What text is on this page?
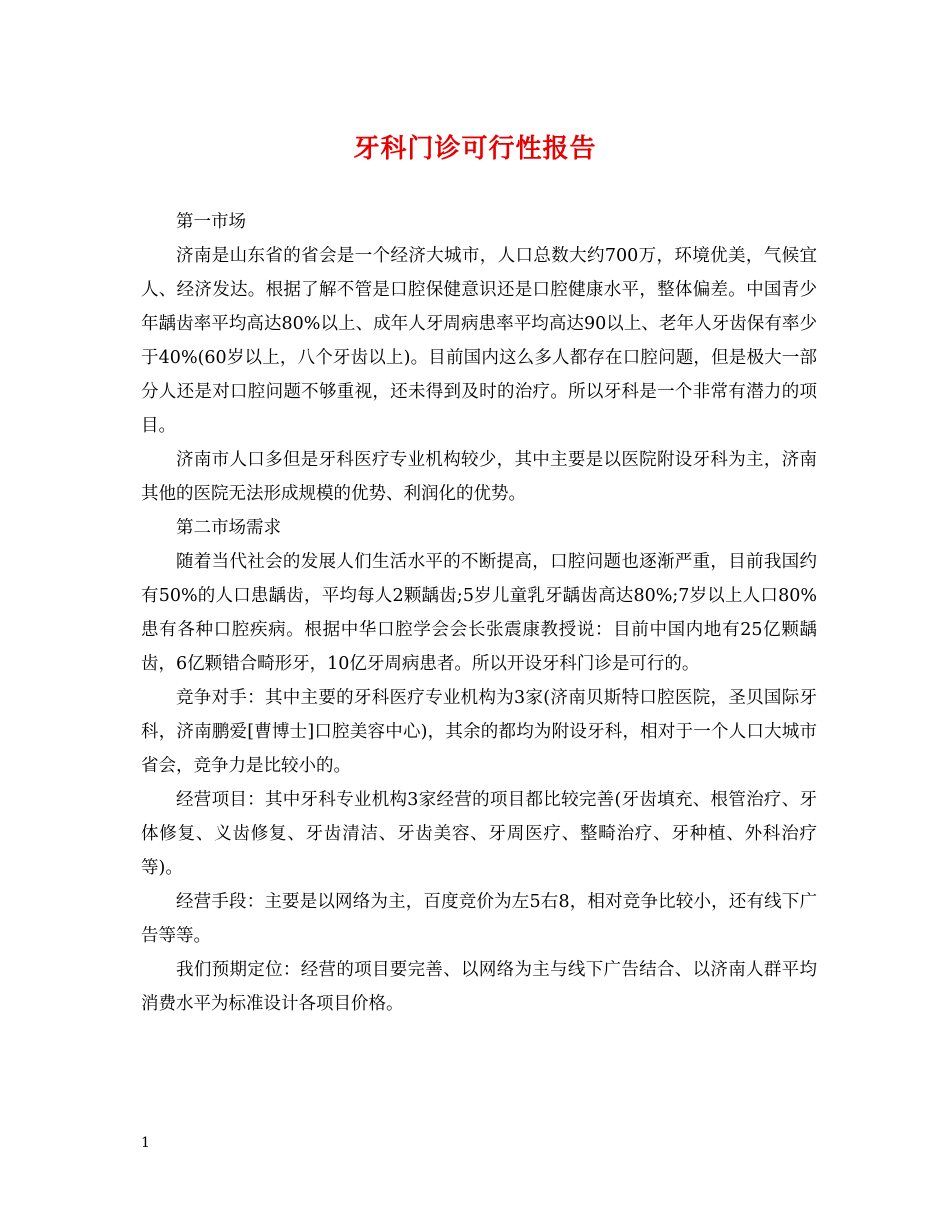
牙科门诊可行性报告

第一市场

济南是山东省的省会是一个经济大城市，人口总数大约700万，环境优美，气候宜人、经济发达。根据了解不管是口腔保健意识还是口腔健康水平，整体偏差。中国青少年龋齿率平均高达80%以上、成年人牙周病患率平均高达90以上、老年人牙齿保有率少于40%(60岁以上，八个牙齿以上)。目前国内这么多人都存在口腔问题，但是极大一部分人还是对口腔问题不够重视，还未得到及时的治疗。所以牙科是一个非常有潜力的项目。

济南市人口多但是牙科医疗专业机构较少，其中主要是以医院附设牙科为主，济南其他的医院无法形成规模的优势、利润化的优势。

第二市场需求

随着当代社会的发展人们生活水平的不断提高，口腔问题也逐渐严重，目前我国约有50%的人口患龋齿，平均每人2颗龋齿;5岁儿童乳牙龋齿高达80%;7岁以上人口80%患有各种口腔疾病。根据中华口腔学会会长张震康教授说：目前中国内地有25亿颗龋齿，6亿颗错合畸形牙，10亿牙周病患者。所以开设牙科门诊是可行的。

竞争对手：其中主要的牙科医疗专业机构为3家(济南贝斯特口腔医院，圣贝国际牙科，济南鹏爱[曹博士]口腔美容中心)，其余的都均为附设牙科，相对于一个人口大城市省会，竞争力是比较小的。

经营项目：其中牙科专业机构3家经营的项目都比较完善(牙齿填充、根管治疗、牙体修复、义齿修复、牙齿清洁、牙齿美容、牙周医疗、整畸治疗、牙种植、外科治疗等)。

经营手段：主要是以网络为主，百度竞价为左5右8，相对竞争比较小，还有线下广告等等。

我们预期定位：经营的项目要完善、以网络为主与线下广告结合、以济南人群平均消费水平为标准设计各项目价格。

1
